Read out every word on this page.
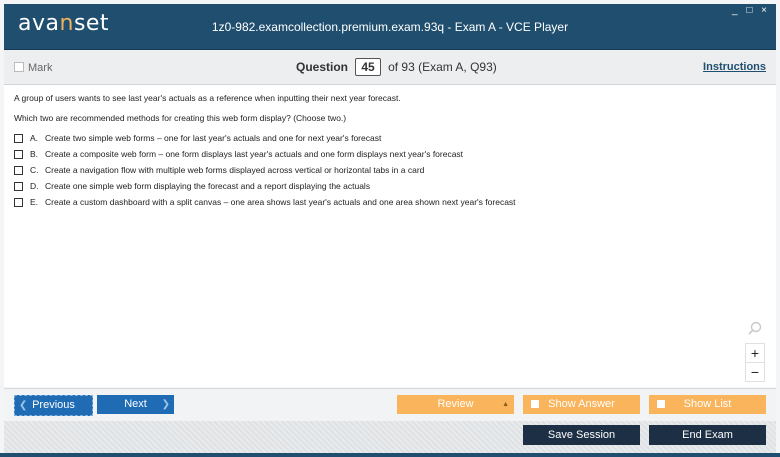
avanset	1z0-982.examcollection.premium.exam.93q - Exam A - VCE Player
_ □ ×
Mark	Question 45 of 93 (Exam A, Q93)	Instructions

A group of users wants to see last year's actuals as a reference when inputting their next year forecast.

Which two are recommended methods for creating this web form display? (Choose two.)

A. Create two simple web forms – one for last year's actuals and one for next year's forecast
B. Create a composite web form – one form displays last year's actuals and one form displays next year's forecast
C. Create a navigation flow with multiple web forms displayed across vertical or horizontal tabs in a card
D. Create one simple web form displaying the forecast and a report displaying the actuals
E. Create a custom dashboard with a split canvas – one area shows last year's actuals and one area shown next year's forecast
+
−
❮ Previous	Next ❯	Review	▲	Show Answer	Show List
Save Session	End Exam
